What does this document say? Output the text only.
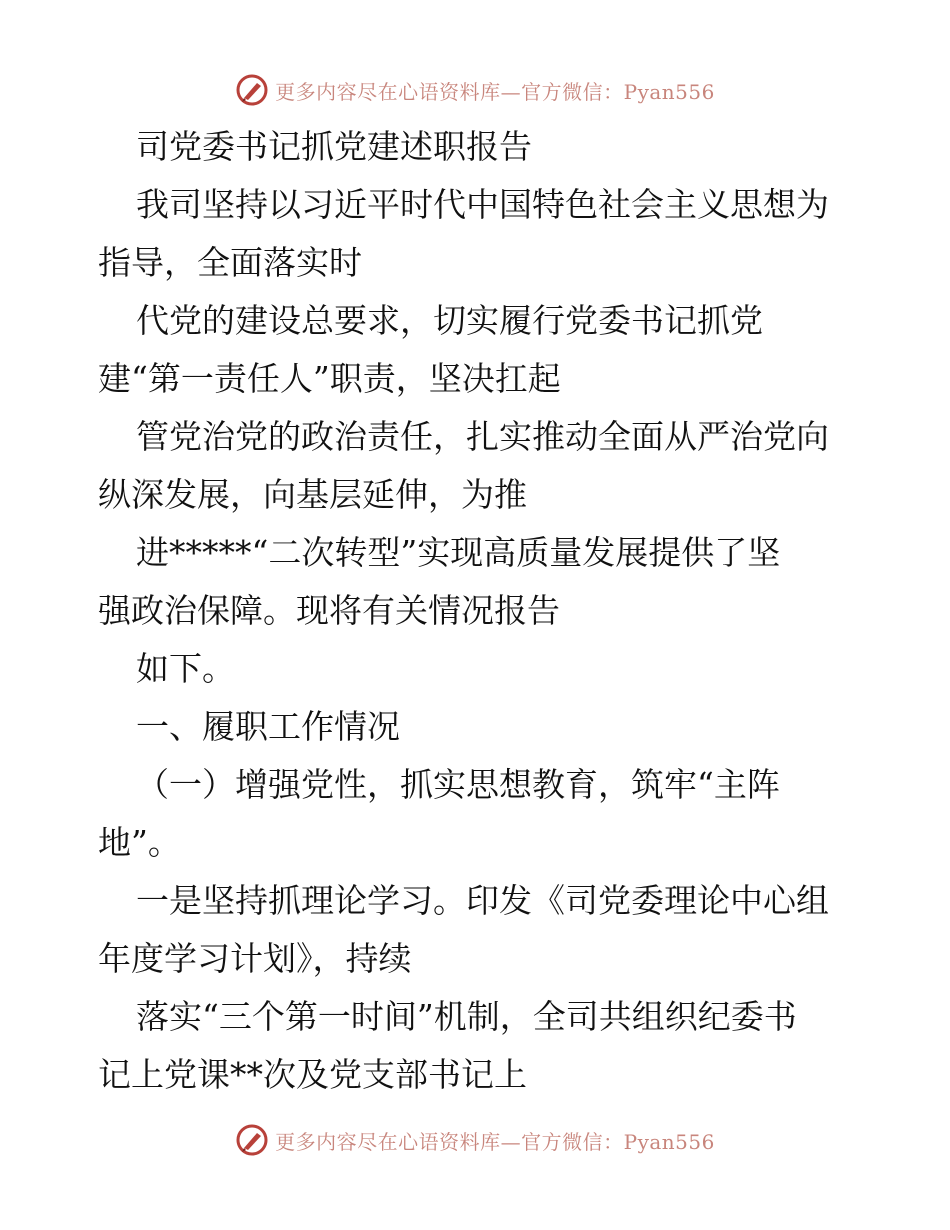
更多内容尽在心语资料库—官方微信：Pyan556
司党委书记抓党建述职报告
我司坚持以习近平时代中国特色社会主义思想为
指导，全面落实时
代党的建设总要求，切实履行党委书记抓党
建“第一责任人”职责，坚决扛起
管党治党的政治责任，扎实推动全面从严治党向
纵深发展，向基层延伸，为推
进*****“二次转型”实现高质量发展提供了坚
强政治保障。现将有关情况报告
如下。
一、履职工作情况
（一）增强党性，抓实思想教育，筑牢“主阵
地”。
一是坚持抓理论学习。印发《司党委理论中心组
年度学习计划》，持续
落实“三个第一时间”机制，全司共组织纪委书
记上党课**次及党支部书记上
更多内容尽在心语资料库—官方微信：Pyan556
